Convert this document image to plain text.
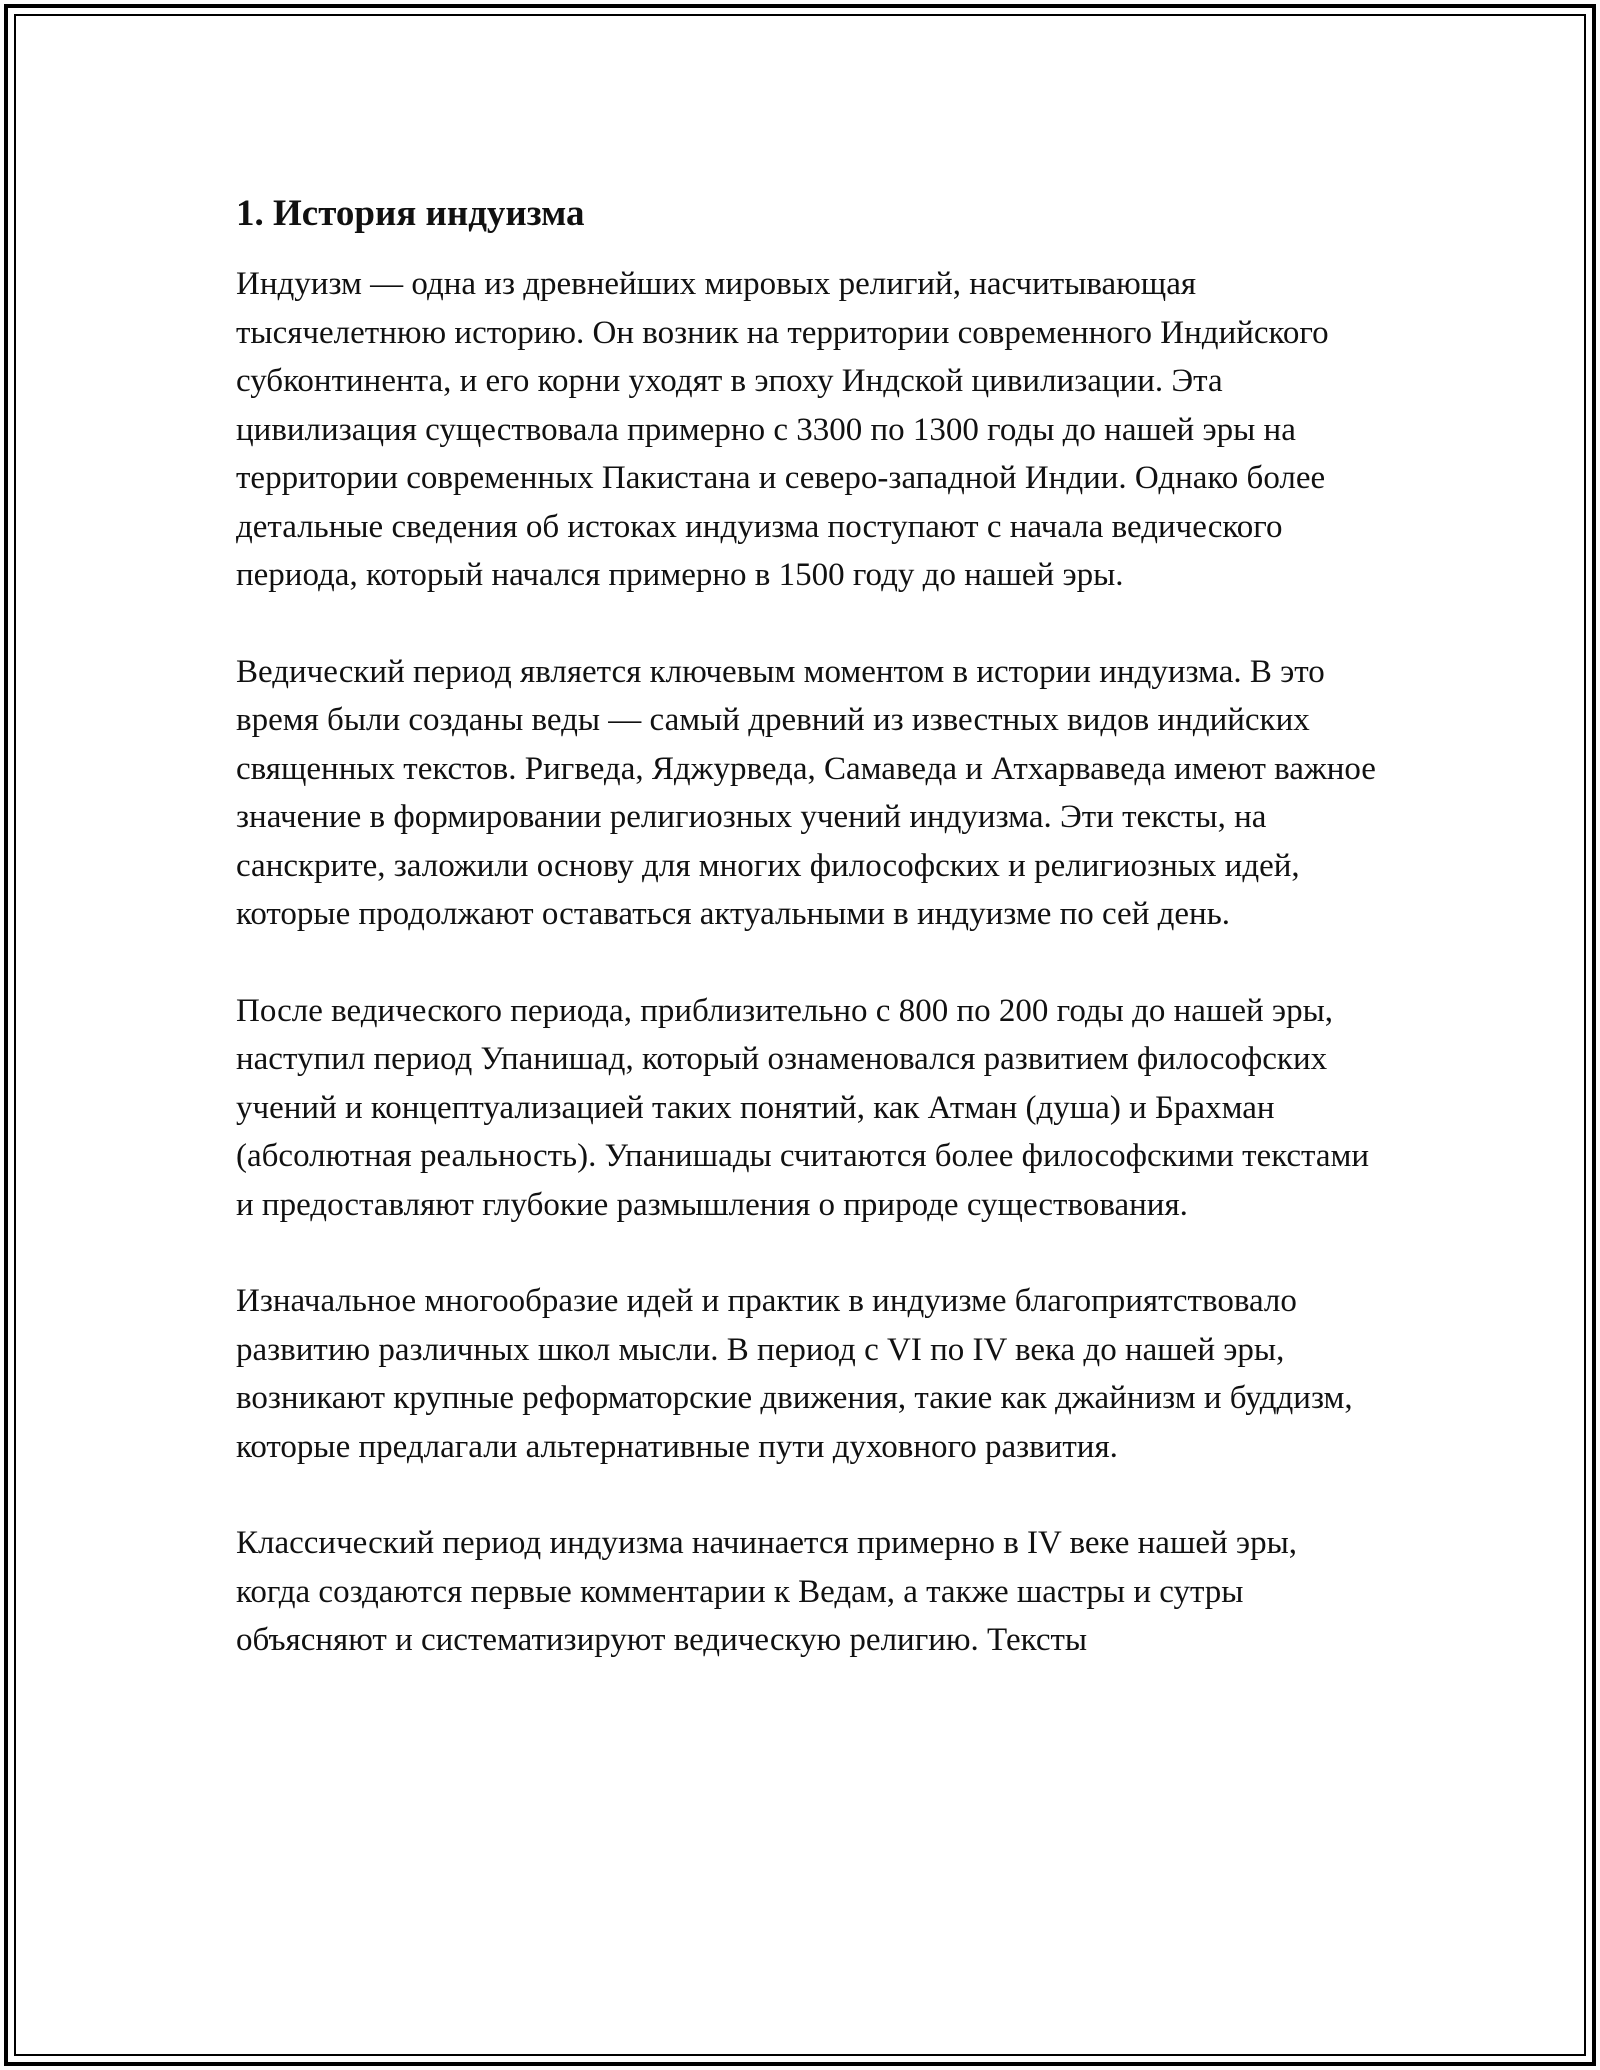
1. История индуизма

Индуизм — одна из древнейших мировых религий, насчитывающая тысячелетнюю историю. Он возник на территории современного Индийского субконтинента, и его корни уходят в эпоху Индской цивилизации. Эта цивилизация существовала примерно с 3300 по 1300 годы до нашей эры на территории современных Пакистана и северо-западной Индии. Однако более детальные сведения об истоках индуизма поступают с начала ведического периода, который начался примерно в 1500 году до нашей эры.

Ведический период является ключевым моментом в истории индуизма. В это время были созданы веды — самый древний из известных видов индийских священных текстов. Ригведа, Яджурведа, Самаведа и Атхарваведа имеют важное значение в формировании религиозных учений индуизма. Эти тексты, на санскрите, заложили основу для многих философских и религиозных идей, которые продолжают оставаться актуальными в индуизме по сей день.

После ведического периода, приблизительно с 800 по 200 годы до нашей эры, наступил период Упанишад, который ознаменовался развитием философских учений и концептуализацией таких понятий, как Атман (душа) и Брахман (абсолютная реальность). Упанишады считаются более философскими текстами и предоставляют глубокие размышления о природе существования.

Изначальное многообразие идей и практик в индуизме благоприятствовало развитию различных школ мысли. В период с VI по IV века до нашей эры, возникают крупные реформаторские движения, такие как джайнизм и буддизм, которые предлагали альтернативные пути духовного развития.

Классический период индуизма начинается примерно в IV веке нашей эры, когда создаются первые комментарии к Ведам, а также шастры и сутры объясняют и систематизируют ведическую религию. Тексты
